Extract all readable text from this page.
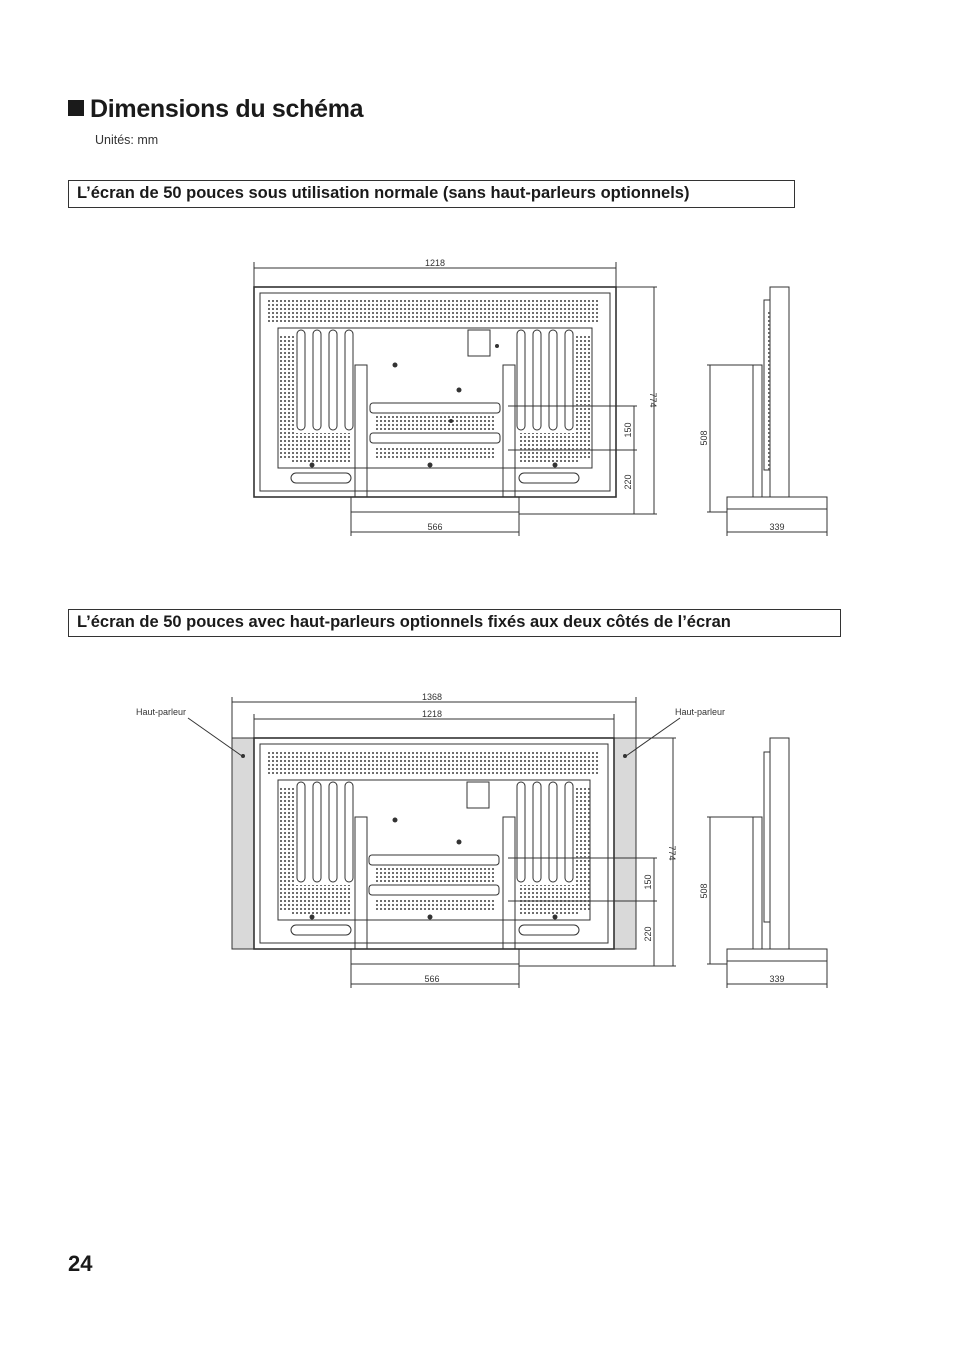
Dimensions du schéma
Unités: mm
L’écran de 50 pouces sous utilisation normale (sans haut-parleurs optionnels)
1218
566	339
774
150
220
508
L’écran de 50 pouces avec haut-parleurs optionnels fixés aux deux côtés de l’écran
1368
1218
Haut-parleur	Haut-parleur
566	339
774
150
220
508
24
